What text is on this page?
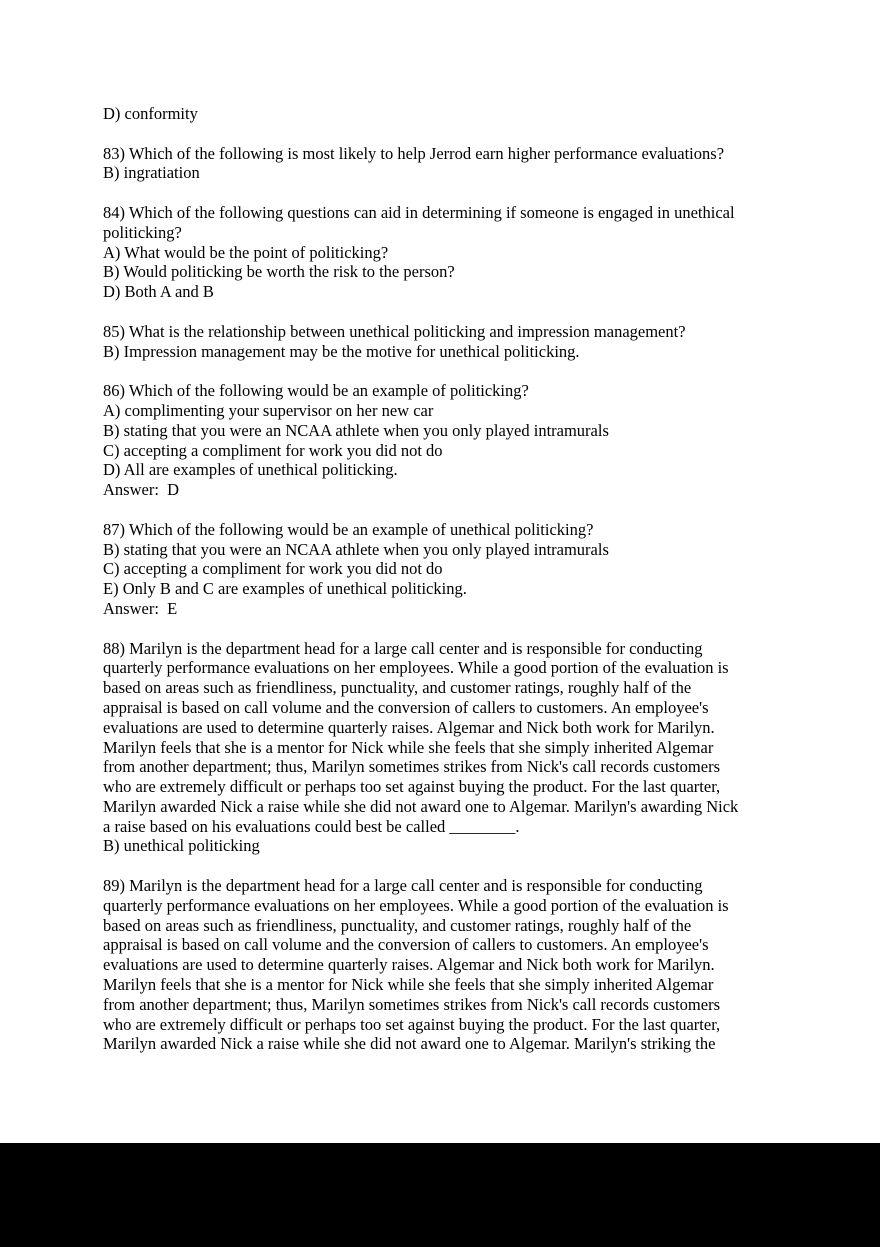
D) conformity
83) Which of the following is most likely to help Jerrod earn higher performance evaluations?
B) ingratiation
84) Which of the following questions can aid in determining if someone is engaged in unethical
politicking?
A) What would be the point of politicking?
B) Would politicking be worth the risk to the person?
D) Both A and B
85) What is the relationship between unethical politicking and impression management?
B) Impression management may be the motive for unethical politicking.
86) Which of the following would be an example of politicking?
A) complimenting your supervisor on her new car
B) stating that you were an NCAA athlete when you only played intramurals
C) accepting a compliment for work you did not do
D) All are examples of unethical politicking.
Answer:  D
87) Which of the following would be an example of unethical politicking?
B) stating that you were an NCAA athlete when you only played intramurals
C) accepting a compliment for work you did not do
E) Only B and C are examples of unethical politicking.
Answer:  E
88) Marilyn is the department head for a large call center and is responsible for conducting
quarterly performance evaluations on her employees. While a good portion of the evaluation is
based on areas such as friendliness, punctuality, and customer ratings, roughly half of the
appraisal is based on call volume and the conversion of callers to customers. An employee's
evaluations are used to determine quarterly raises. Algemar and Nick both work for Marilyn.
Marilyn feels that she is a mentor for Nick while she feels that she simply inherited Algemar
from another department; thus, Marilyn sometimes strikes from Nick's call records customers
who are extremely difficult or perhaps too set against buying the product. For the last quarter,
Marilyn awarded Nick a raise while she did not award one to Algemar. Marilyn's awarding Nick
a raise based on his evaluations could best be called ________.
B) unethical politicking
89) Marilyn is the department head for a large call center and is responsible for conducting
quarterly performance evaluations on her employees. While a good portion of the evaluation is
based on areas such as friendliness, punctuality, and customer ratings, roughly half of the
appraisal is based on call volume and the conversion of callers to customers. An employee's
evaluations are used to determine quarterly raises. Algemar and Nick both work for Marilyn.
Marilyn feels that she is a mentor for Nick while she feels that she simply inherited Algemar
from another department; thus, Marilyn sometimes strikes from Nick's call records customers
who are extremely difficult or perhaps too set against buying the product. For the last quarter,
Marilyn awarded Nick a raise while she did not award one to Algemar. Marilyn's striking the
